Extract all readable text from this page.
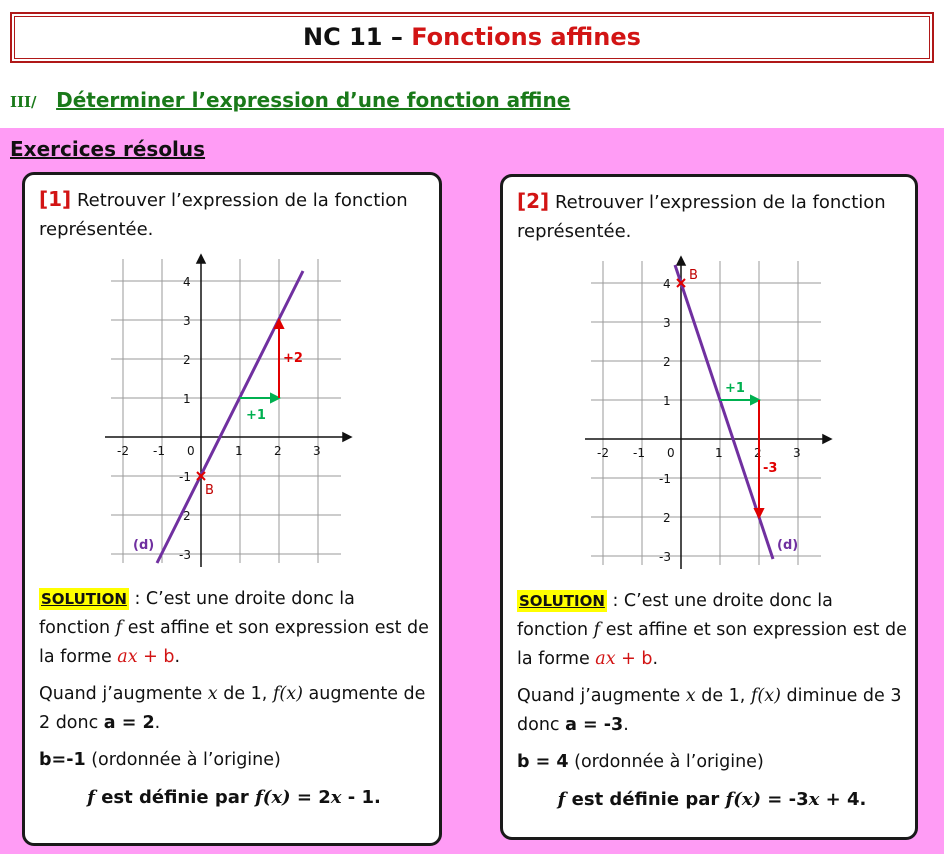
NC 11 – Fonctions affines
III/ Déterminer l’expression d’une fonction affine
Exercices résolus
[1] Retrouver l’expression de la fonction représentée.
-2 -1 0	1	2	3
4
3
2
1
-1
2
-3
+1
+2
B
(d)

SOLUTION : C’est une droite donc la fonction f est affine et son expression est de la forme ax + b.

Quand j’augmente x de 1, f(x) augmente de 2 donc a = 2.

b=-1 (ordonnée à l’origine)

f est définie par f(x) = 2x - 1.
[2] Retrouver l’expression de la fonction représentée.
-2 -1 0	1	2	3
4
3
2
1
-1
2
-3
+1
-3
B
(d)

SOLUTION : C’est une droite donc la fonction f est affine et son expression est de la forme ax + b.

Quand j’augmente x de 1, f(x) diminue de 3 donc a = -3.

b = 4 (ordonnée à l’origine)

f est définie par f(x) = -3x + 4.
